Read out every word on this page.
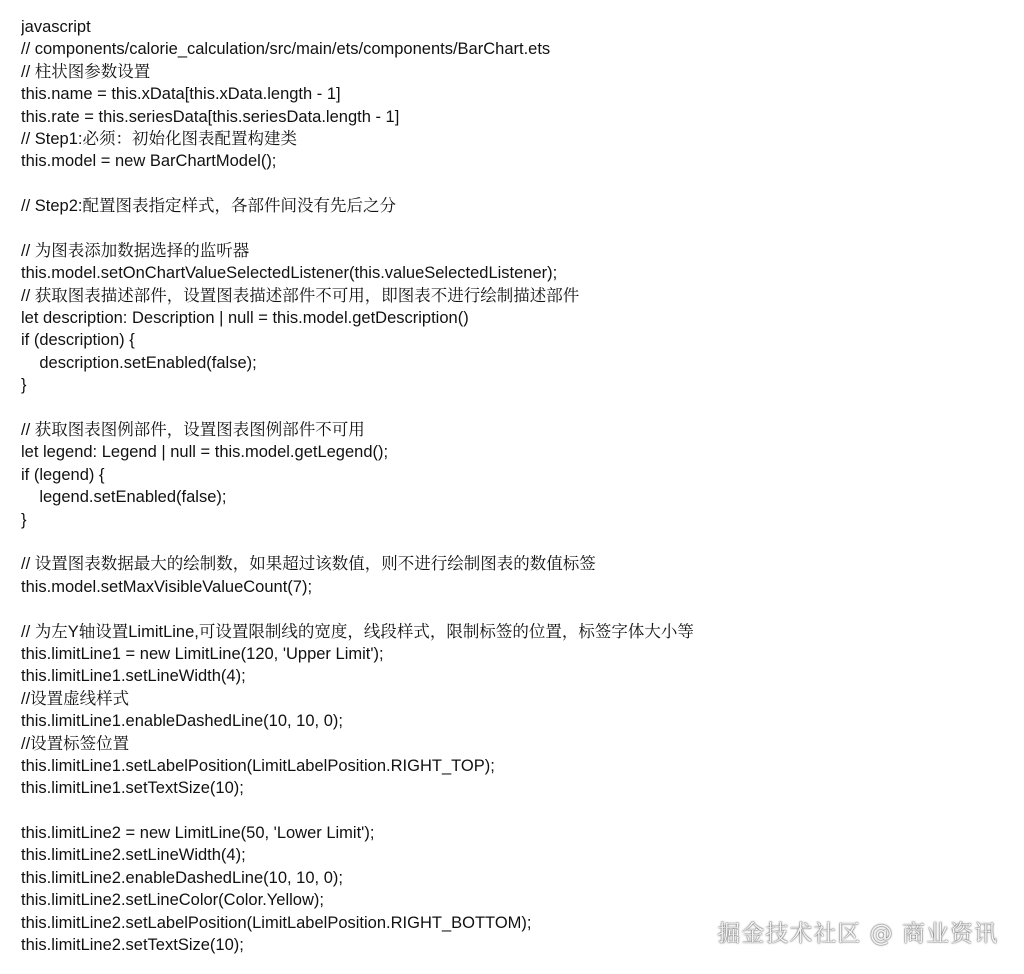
javascript
// components/calorie_calculation/src/main/ets/components/BarChart.ets
// 柱状图参数设置
this.name = this.xData[this.xData.length - 1]
this.rate = this.seriesData[this.seriesData.length - 1]
// Step1:必须：初始化图表配置构建类
this.model = new BarChartModel();
// Step2:配置图表指定样式，各部件间没有先后之分
// 为图表添加数据选择的监听器
this.model.setOnChartValueSelectedListener(this.valueSelectedListener);
// 获取图表描述部件，设置图表描述部件不可用，即图表不进行绘制描述部件
let description: Description | null = this.model.getDescription()
if (description) {
description.setEnabled(false);
}
// 获取图表图例部件，设置图表图例部件不可用
let legend: Legend | null = this.model.getLegend();
if (legend) {
legend.setEnabled(false);
}
// 设置图表数据最大的绘制数，如果超过该数值，则不进行绘制图表的数值标签
this.model.setMaxVisibleValueCount(7);
// 为左Y轴设置LimitLine,可设置限制线的宽度，线段样式，限制标签的位置，标签字体大小等
this.limitLine1 = new LimitLine(120, 'Upper Limit');
this.limitLine1.setLineWidth(4);
//设置虚线样式
this.limitLine1.enableDashedLine(10, 10, 0);
//设置标签位置
this.limitLine1.setLabelPosition(LimitLabelPosition.RIGHT_TOP);
this.limitLine1.setTextSize(10);
this.limitLine2 = new LimitLine(50, 'Lower Limit');
this.limitLine2.setLineWidth(4);
this.limitLine2.enableDashedLine(10, 10, 0);
this.limitLine2.setLineColor(Color.Yellow);
this.limitLine2.setLabelPosition(LimitLabelPosition.RIGHT_BOTTOM);
this.limitLine2.setTextSize(10);	掘金技术社区 @ 商业资讯
